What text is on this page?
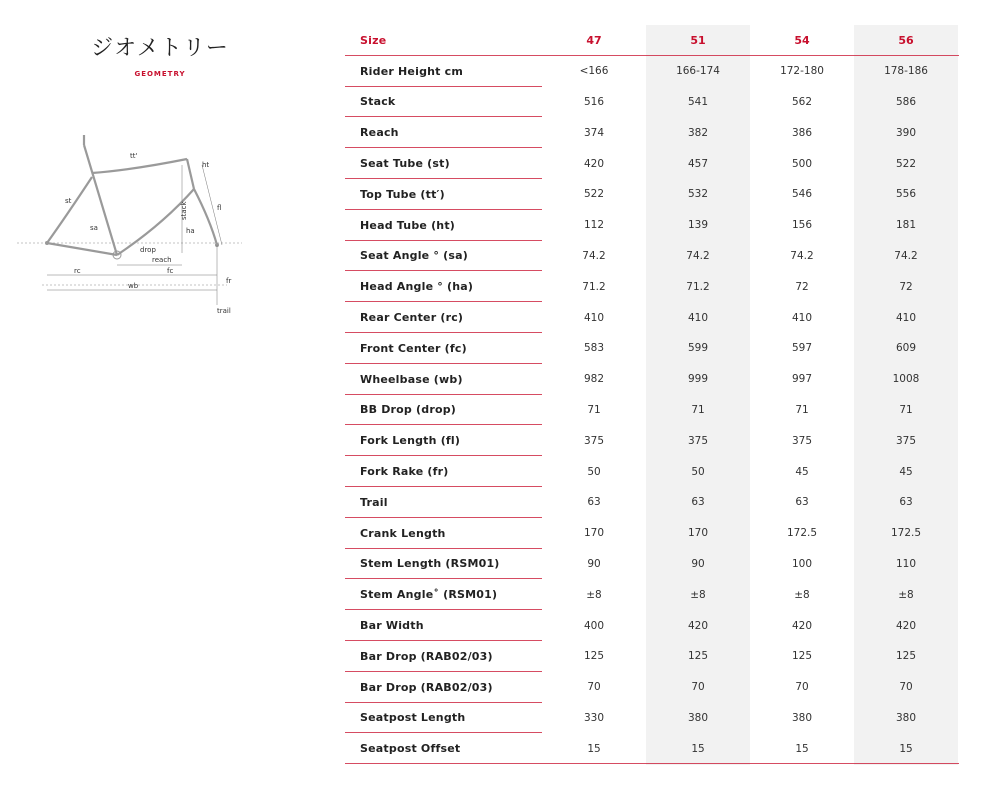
ジオメトリー
GEOMETRY
tt'
ht
st
fl
stack
sa	ha
drop
reach
rc	fc
wb
fr
trail
Size	47	51	54	56
Rider Height cm	<166	166-174	172-180	178-186
Stack	516	541	562	586
Reach	374	382	386	390
Seat Tube (st)	420	457	500	522
Top Tube (tt′)	522	532	546	556
Head Tube (ht)	112	139	156	181
Seat Angle ° (sa)	74.2	74.2	74.2	74.2
Head Angle ° (ha)	71.2	71.2	72	72
Rear Center (rc)	410	410	410	410
Front Center (fc)	583	599	597	609
Wheelbase (wb)	982	999	997	1008
BB Drop (drop)	71	71	71	71
Fork Length (fl)	375	375	375	375
Fork Rake (fr)	50	50	45	45
Trail	63	63	63	63
Crank Length	170	170	172.5	172.5
Stem Length (RSM01)	90	90	100	110
Stem Angle˚ (RSM01)	±8	±8	±8	±8
Bar Width	400	420	420	420
Bar Drop (RAB02/03)	125	125	125	125
Bar Drop (RAB02/03)	70	70	70	70
Seatpost Length	330	380	380	380
Seatpost Offset	15	15	15	15
